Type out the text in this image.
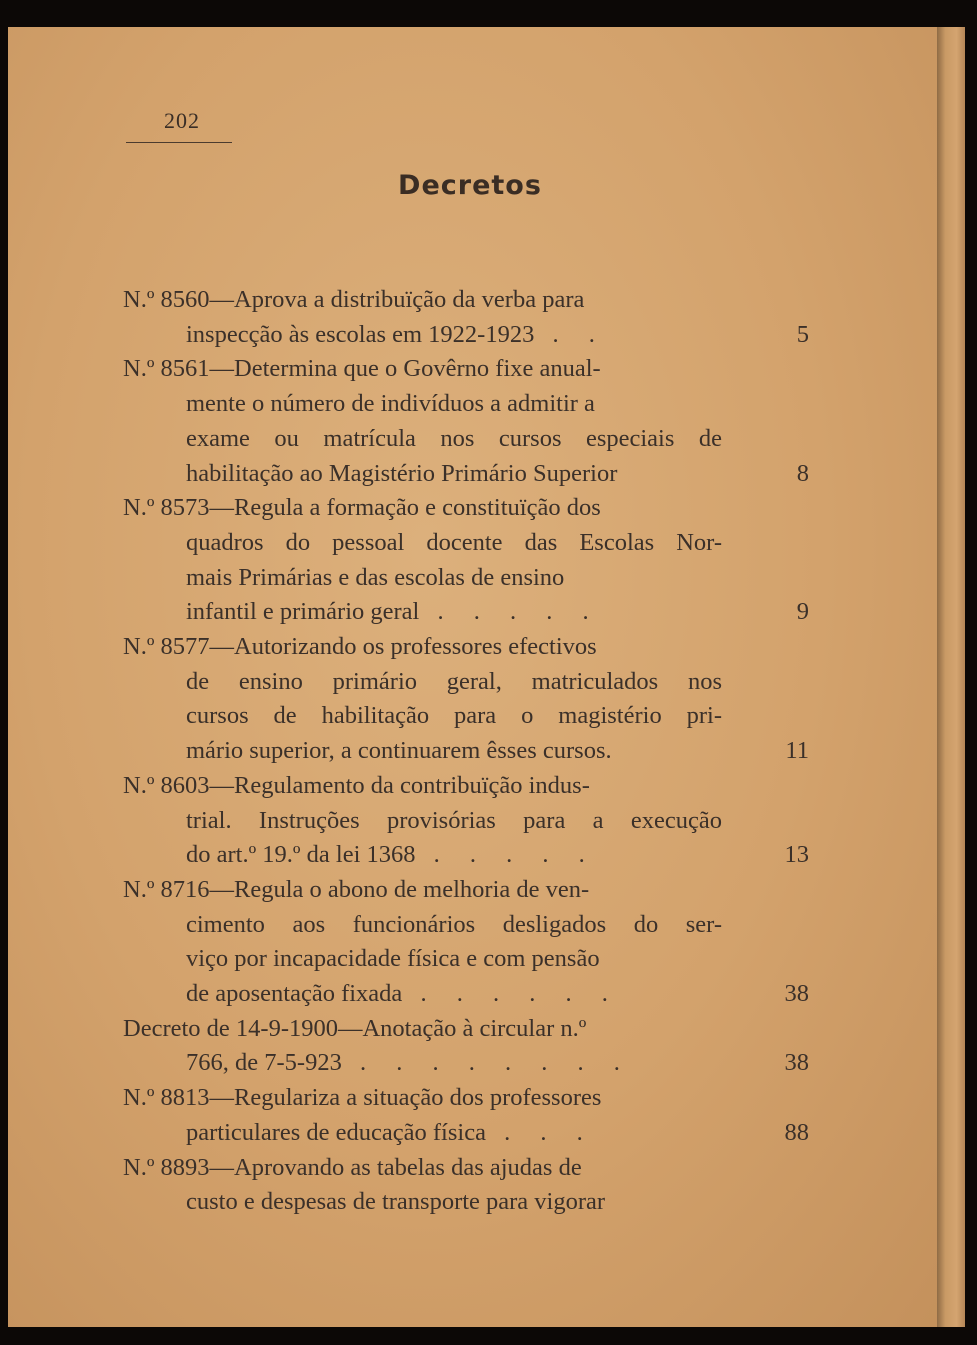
202
Decretos
N.º 8560—Aprova a distribuïção da verba para
inspecção às escolas em 1922-1923 . .	5
N.º 8561—Determina que o Govêrno fixe anual-
mente o número de indivíduos a admitir a
exame ou matrícula nos cursos especiais de
habilitação ao Magistério Primário Superior	8
N.º 8573—Regula a formação e constituïção dos
quadros do pessoal docente das Escolas Nor-
mais Primárias e das escolas de ensino
infantil e primário geral . . . . .	9
N.º 8577—Autorizando os professores efectivos
de ensino primário geral, matriculados nos
cursos de habilitação para o magistério pri-
mário superior, a continuarem êsses cursos.	11
N.º 8603—Regulamento da contribuïção indus-
trial. Instruções provisórias para a execução
do art.º 19.º da lei 1368 . . . . .	13
N.º 8716—Regula o abono de melhoria de ven-
cimento aos funcionários desligados do ser-
viço por incapacidade física e com pensão
de aposentação fixada . . . . . .	38
Decreto de 14-9-1900—Anotação à circular n.º
766, de 7-5-923 . . . . . . . .	38
N.º 8813—Regulariza a situação dos professores
particulares de educação física . . .	88
N.º 8893—Aprovando as tabelas das ajudas de
custo e despesas de transporte para vigorar
